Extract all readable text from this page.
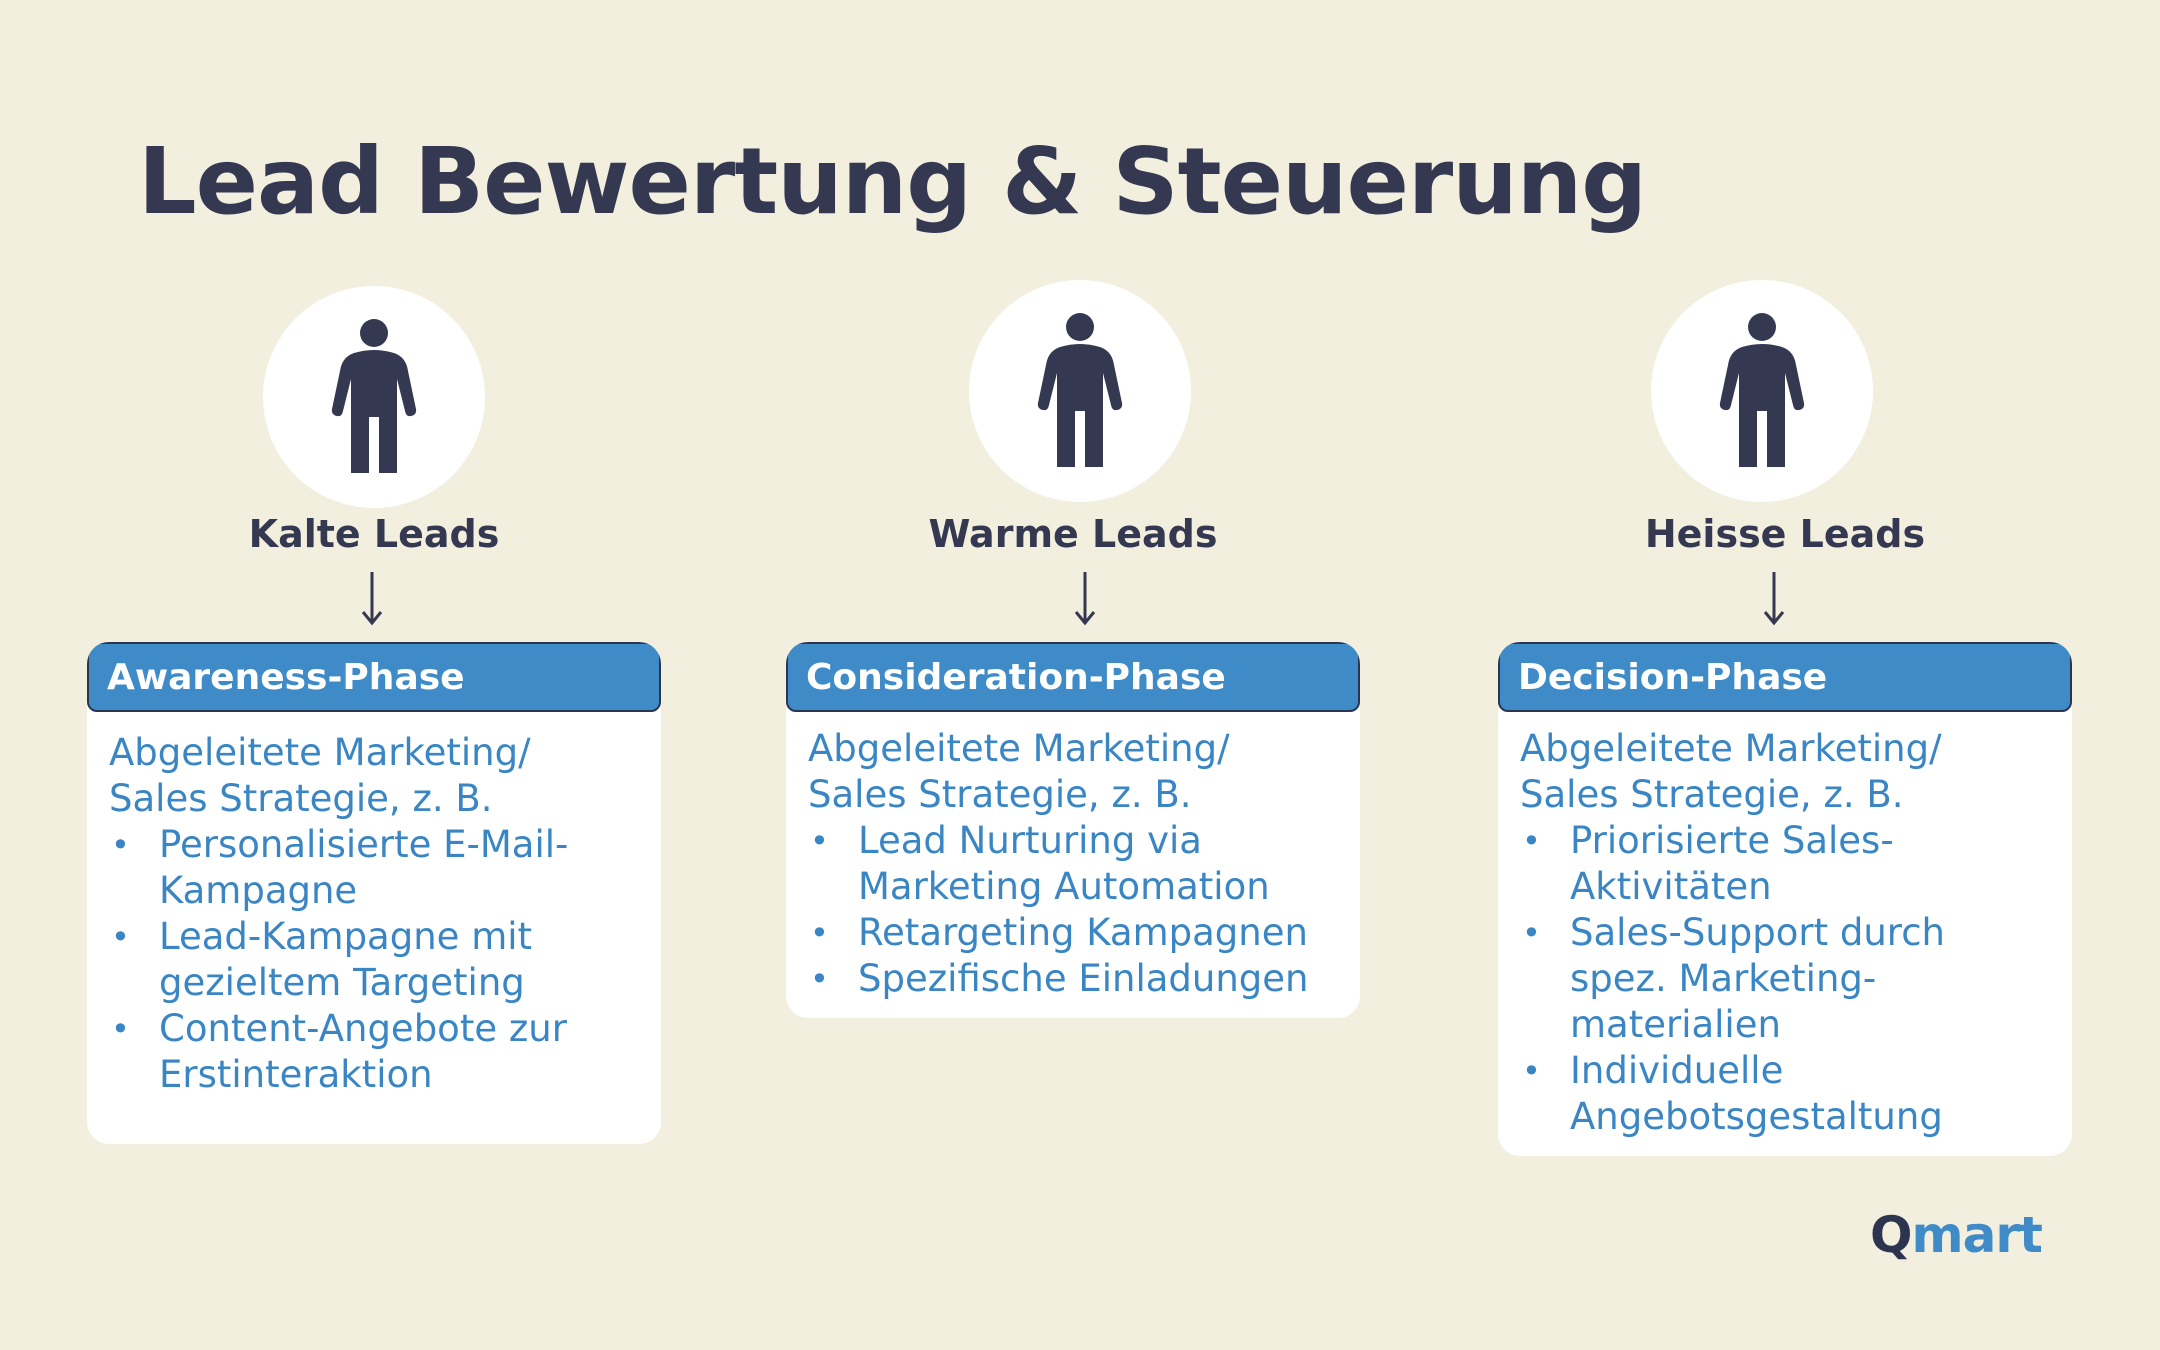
Lead Bewertung & Steuerung
Kalte Leads
Awareness-Phase

Abgeleitete Marketing/
Sales Strategie, z. B.

• Personalisierte E-Mail-
Kampagne
• Lead-Kampagne mit
gezieltem Targeting
• Content-Angebote zur
Erstinteraktion
Warme Leads
Consideration-Phase

Abgeleitete Marketing/
Sales Strategie, z. B.

• Lead Nurturing via
Marketing Automation
• Retargeting Kampagnen
• Spezifische Einladungen
Heisse Leads
Decision-Phase

Abgeleitete Marketing/
Sales Strategie, z. B.

• Priorisierte Sales-
Aktivitäten
• Sales-Support durch
spez. Marketing-
materialien
• Individuelle
Angebotsgestaltung
Qmart
